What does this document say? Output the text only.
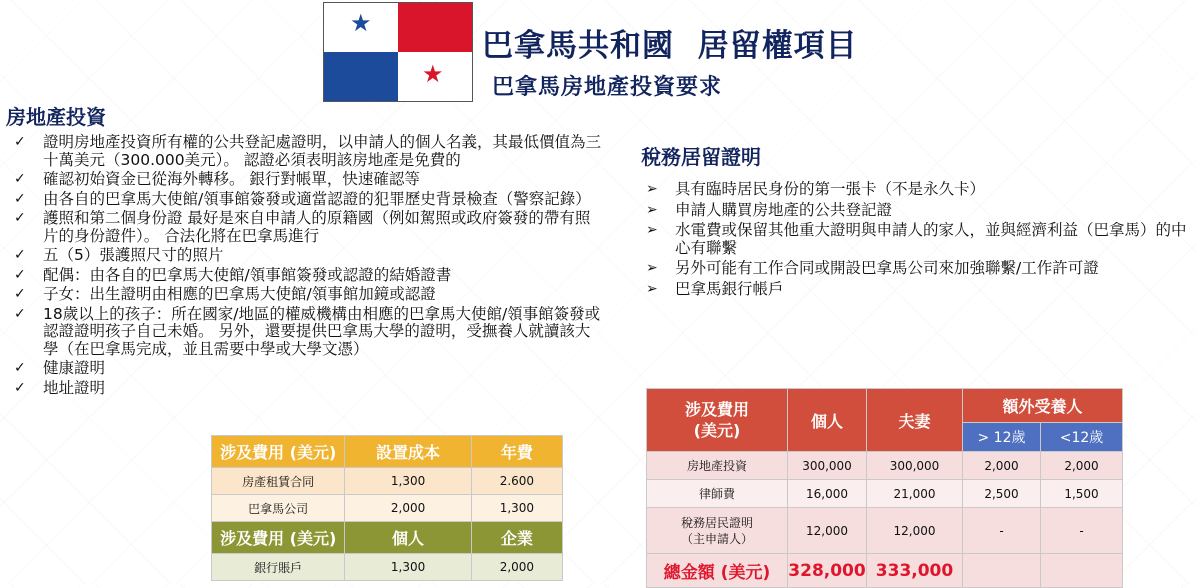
★
★
巴拿馬共和國  居留權項目
巴拿馬房地產投資要求
房地產投資
✓ 證明房地產投資所有權的公共登記處證明，以申請人的個人名義，其最低價值為三十萬美元（300.000美元）。 認證必須表明該房地產是免費的
✓ 確認初始資金已從海外轉移。 銀行對帳單，快速確認等
✓ 由各自的巴拿馬大使館/領事館簽發或適當認證的犯罪歷史背景檢查（警察記錄）
✓ 護照和第二個身份證 最好是來自申請人的原籍國（例如駕照或政府簽發的帶有照片的身份證件）。 合法化將在巴拿馬進行
✓ 五（5）張護照尺寸的照片
✓ 配偶：由各自的巴拿馬大使館/領事館簽發或認證的結婚證書
✓ 子女：出生證明由相應的巴拿馬大使館/領事館加鏡或認證
✓ 18歲以上的孩子：所在國家/地區的權威機構由相應的巴拿馬大使館/領事館簽發或認證證明孩子自己未婚。 另外，還要提供巴拿馬大學的證明，受撫養人就讀該大學（在巴拿馬完成，並且需要中學或大學文憑）
✓ 健康證明
✓ 地址證明
稅務居留證明
➢ 具有臨時居民身份的第一張卡（不是永久卡）
➢ 申請人購買房地產的公共登記證
➢ 水電費或保留其他重大證明與申請人的家人，並與經濟利益（巴拿馬）的中心有聯繫
➢ 另外可能有工作合同或開設巴拿馬公司來加強聯繫/工作許可證
➢ 巴拿馬銀行帳戶
涉及費用 (美元)	設置成本	年費
房產租賃合同	1,300	2.600
巴拿馬公司	2,000	1,300
涉及費用 (美元)	個人	企業
銀行賬戶	1,300	2,000
涉及費用
(美元)	個人	夫妻	額外受養人	
			> 12歲	<12歲
房地產投資	300,000	300,000	2,000	2,000
律師費	16,000	21,000	2,500	1,500
稅務居民證明
（主申請人）	12,000	12,000	-	-
總金額 (美元)	328,000	333,000		
